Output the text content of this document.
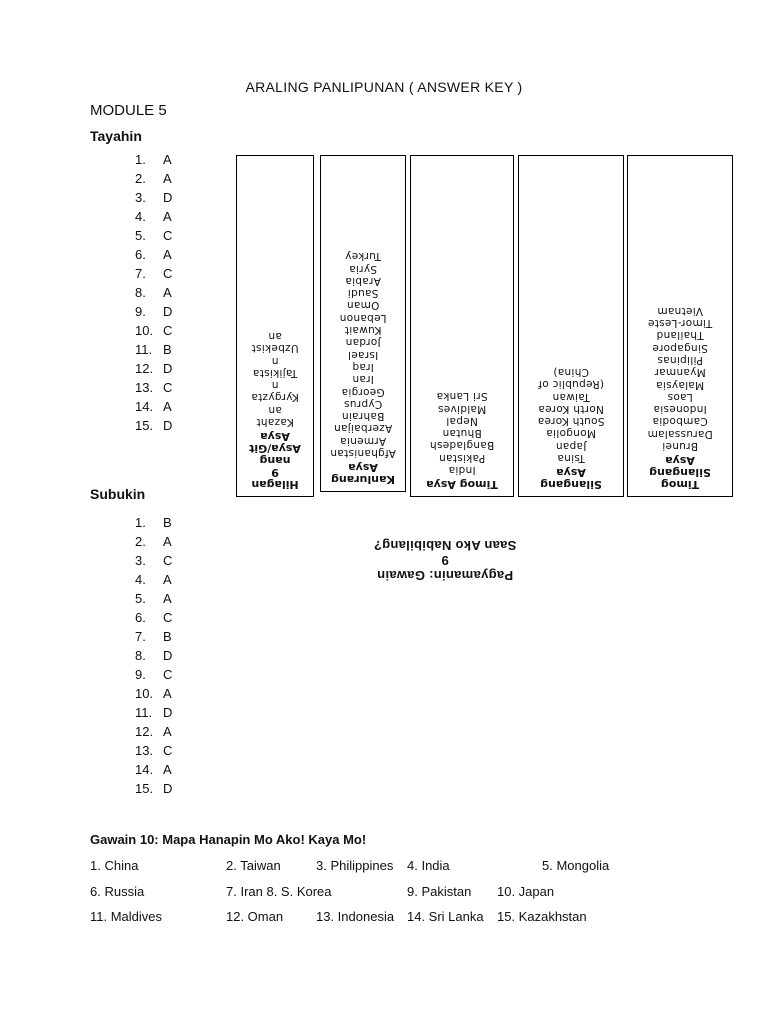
ARALING PANLIPUNAN ( ANSWER KEY )
MODULE 5
Tayahin
1.	A
2.	A
3.	D
4.	A
5.	C
6.	A
7.	C
8.	A
9.	D
10. C
11. B
12. D
13. C
14. A
15. D
Hilagan
9
nang
Asya/Git
Asya
Kazaht
an
Kyrgyzta
n
Tajikista
n
Uzbekist
an
Kanlurang
Asya
Afghanistan
Armenia
Azerbaijan
Bahrain
Cyprus
Georgia
Iran
Iraq
Israel
Jordan
Kuwait
Lebanon
Oman
Saudi
Arabia
Syria
Turkey
Timog Asya
India
Pakistan
Bangladesh
Bhutan
Nepal
Maldives
Sri Lanka
Silangang
Asya
Tsina
Japan
Mongolia
South Korea
North Korea
Taiwan
(Republic of
China)
Timog
Silangang
Asya
Brunei
Darussalam
Cambodia
Indonesia
Laos
Malaysia
Myanmar
Pilipinas
Singapore
Thailand
Timor-Leste
Vietnam
Subukin
1.	B
2.	A
3.	C
4.	A
5.	A
6.	C
7.	B
8.	D
9.	C
10. A
11. D
12. A
13. C
14. A
15. D
Pagyamanin: Gawain
9
Saan Ako Nabibilang?
Gawain 10: Mapa Hanapin Mo Ako! Kaya Mo!
1. China	2. Taiwan	3. Philippines 4. India	5. Mongolia
6. Russia	7. Iran 8. S. Korea	9. Pakistan 10. Japan
11. Maldives	12. Oman	13. Indonesia 14. Sri Lanka 15. Kazakhstan
